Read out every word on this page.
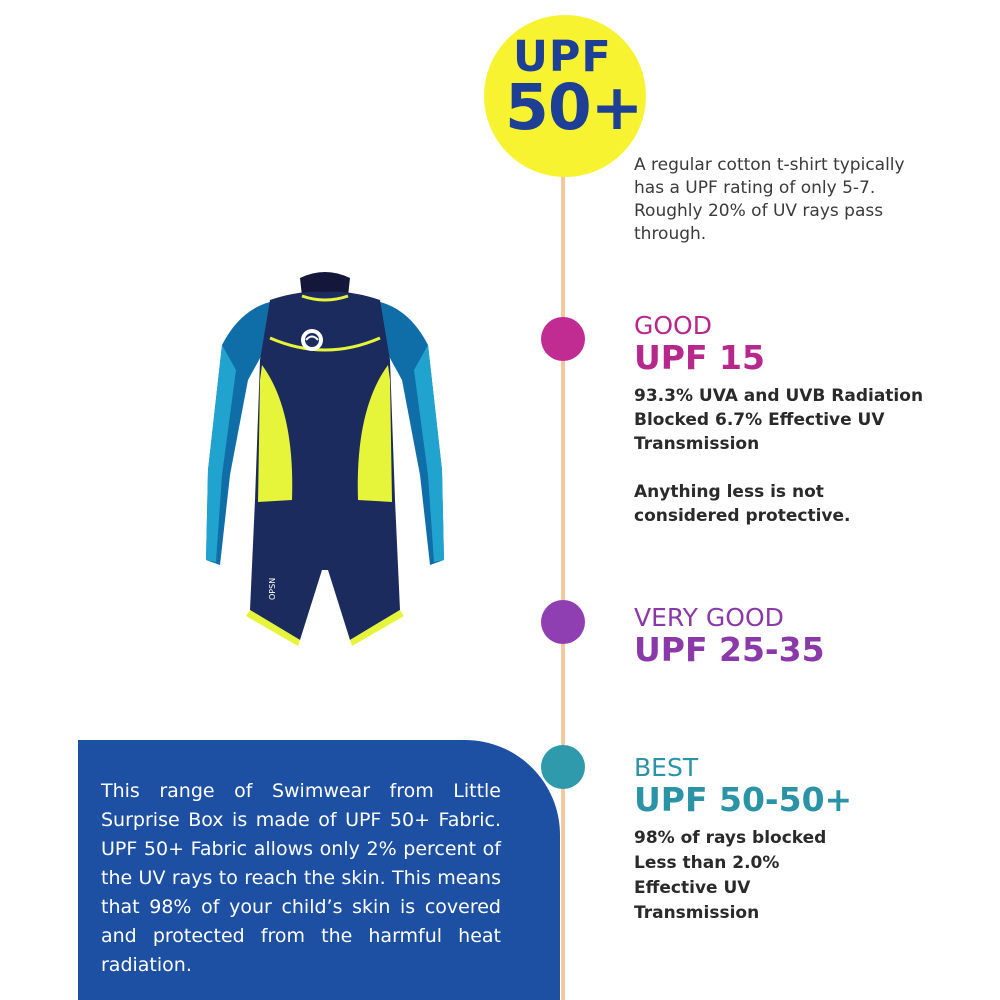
UPF
50+
A regular cotton t-shirt typically has a UPF rating of only 5-7. Roughly 20% of UV rays pass through.
GOOD
UPF 15
93.3% UVA and UVB Radiation Blocked 6.7% Effective UV Transmission
Anything less is not considered protective.
VERY GOOD
UPF 25-35
BEST
UPF 50-50+
98% of rays blocked
Less than 2.0%
Effective UV
Transmission
This range of Swimwear from Little Surprise Box is made of UPF 50+ Fabric. UPF 50+ Fabric allows only 2% percent of the UV rays to reach the skin. This means that 98% of your child’s skin is covered and protected from the harmful heat radiation.
OPSN
